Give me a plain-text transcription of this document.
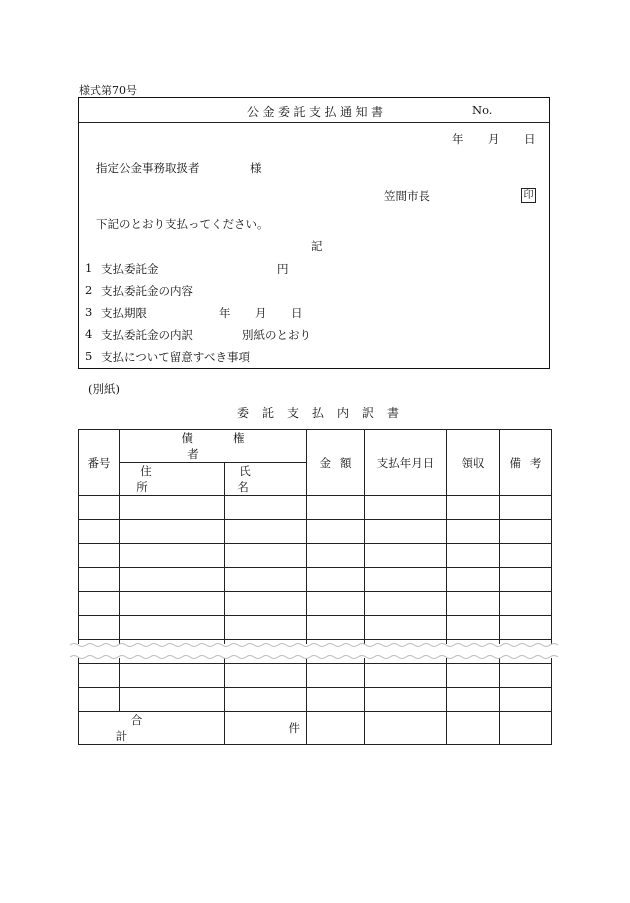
様式第70号
公金委託支払通知書	No.
年 月 日
指定公金事務取扱者	様
笠間市長	印
下記のとおり支払ってください。
記
1 支払委託金	円
2 支払委託金の内容
3 支払期限	年 月 日
4 支払委託金の内訳	別紙のとおり
5 支払について留意すべき事項
(別紙)
委託支払内訳書
番号	債権者		金額	支払年月日	領収	備考
	住所	氏名				

合計		件				
